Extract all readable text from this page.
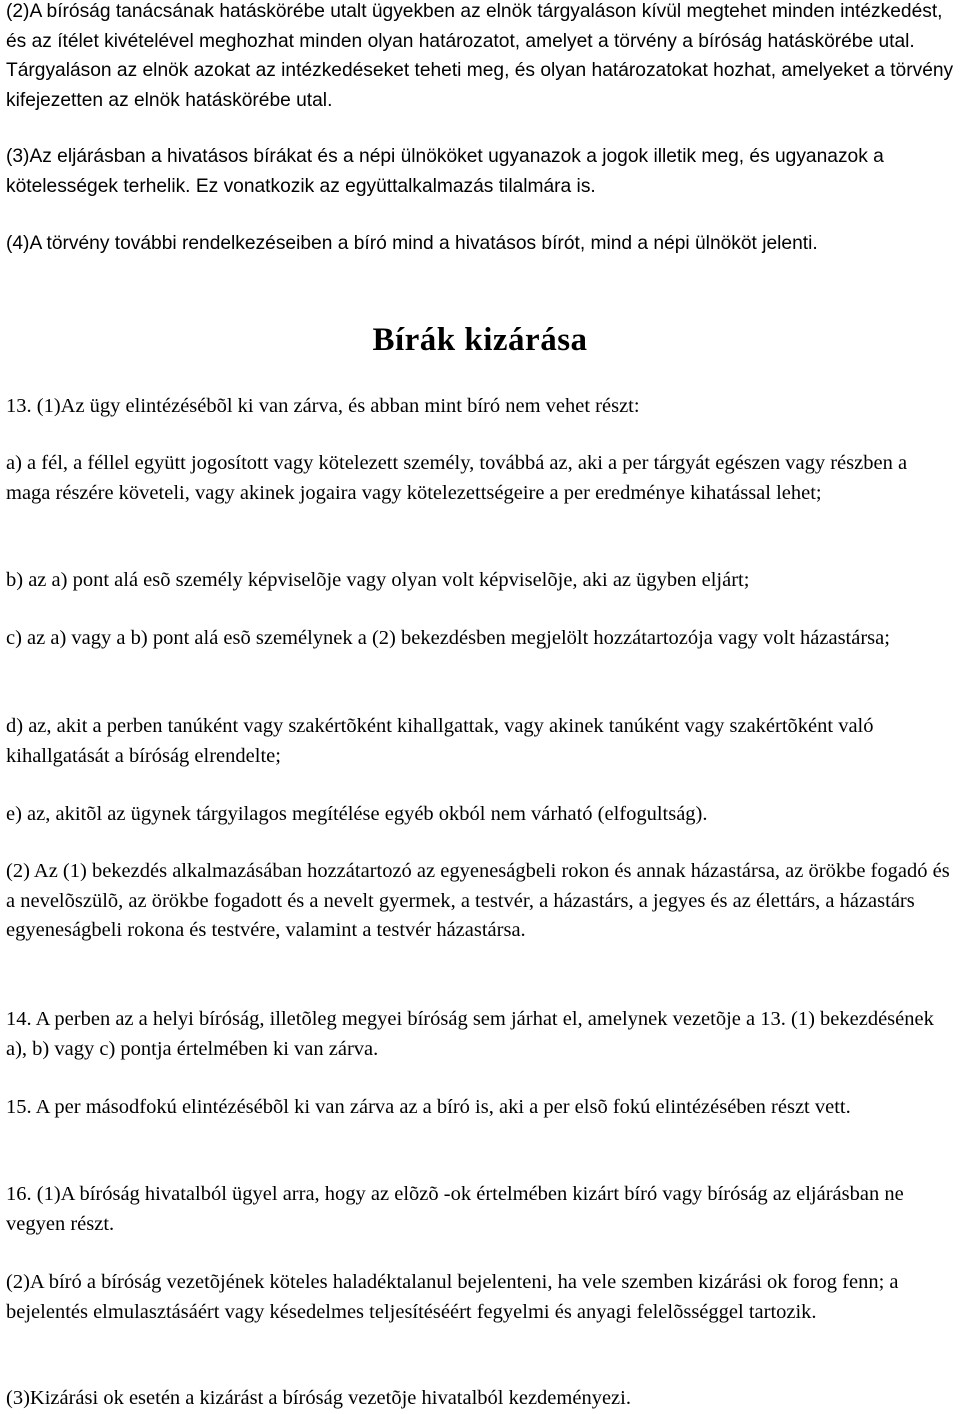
(2)A bíróság tanácsának hatáskörébe utalt ügyekben az elnök tárgyaláson kívül megtehet minden intézkedést, és az ítélet kivételével meghozhat minden olyan határozatot, amelyet a törvény a bíróság hatáskörébe utal. Tárgyaláson az elnök azokat az intézkedéseket teheti meg, és olyan határozatokat hozhat, amelyeket a törvény kifejezetten az elnök hatáskörébe utal.

(3)Az eljárásban a hivatásos bírákat és a népi ülnököket ugyanazok a jogok illetik meg, és ugyanazok a kötelességek terhelik. Ez vonatkozik az együttalkalmazás tilalmára is.

(4)A törvény további rendelkezéseiben a bíró mind a hivatásos bírót, mind a népi ülnököt jelenti.

Bírák kizárása

13. (1)Az ügy elintézésébõl ki van zárva, és abban mint bíró nem vehet részt:

a) a fél, a féllel együtt jogosított vagy kötelezett személy, továbbá az, aki a per tárgyát egészen vagy részben a maga részére követeli, vagy akinek jogaira vagy kötelezettségeire a per eredménye kihatással lehet;

b) az a) pont alá esõ személy képviselõje vagy olyan volt képviselõje, aki az ügyben eljárt;

c) az a) vagy a b) pont alá esõ személynek a (2) bekezdésben megjelölt hozzátartozója vagy volt házastársa;

d) az, akit a perben tanúként vagy szakértõként kihallgattak, vagy akinek tanúként vagy szakértõként való kihallgatását a bíróság elrendelte;

e) az, akitõl az ügynek tárgyilagos megítélése egyéb okból nem várható (elfogultság).

(2) Az (1) bekezdés alkalmazásában hozzátartozó az egyeneságbeli rokon és annak házastársa, az örökbe fogadó és a nevelõszülõ, az örökbe fogadott és a nevelt gyermek, a testvér, a házastárs, a jegyes és az élettárs, a házastárs egyeneságbeli rokona és testvére, valamint a testvér házastársa.

14. A perben az a helyi bíróság, illetõleg megyei bíróság sem járhat el, amelynek vezetõje a 13. (1) bekezdésének a), b) vagy c) pontja értelmében ki van zárva.

15. A per másodfokú elintézésébõl ki van zárva az a bíró is, aki a per elsõ fokú elintézésében részt vett.

16. (1)A bíróság hivatalból ügyel arra, hogy az elõzõ -ok értelmében kizárt bíró vagy bíróság az eljárásban ne vegyen részt.

(2)A bíró a bíróság vezetõjének köteles haladéktalanul bejelenteni, ha vele szemben kizárási ok forog fenn; a bejelentés elmulasztásáért vagy késedelmes teljesítéséért fegyelmi és anyagi felelõsséggel tartozik.

(3)Kizárási ok esetén a kizárást a bíróság vezetõje hivatalból kezdeményezi.
